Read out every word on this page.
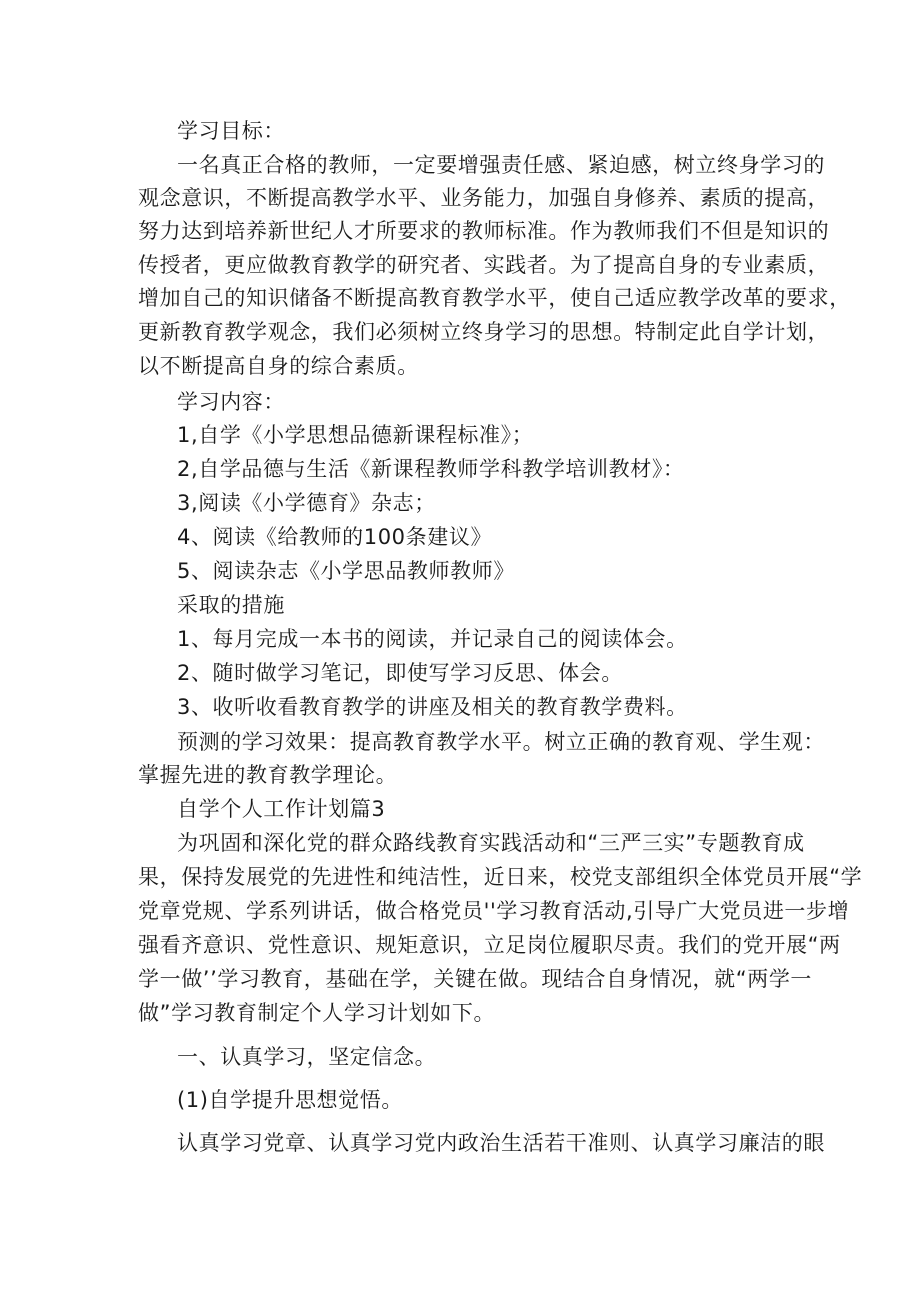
学习目标：

一名真正合格的教师，一定要增强责任感、紧迫感，树立终身学习的

观念意识，不断提高教学水平、业务能力，加强自身修养、素质的提高，

努力达到培养新世纪人才所要求的教师标准。作为教师我们不但是知识的

传授者，更应做教育教学的研究者、实践者。为了提高自身的专业素质，

增加自己的知识储备不断提高教育教学水平，使自己适应教学改革的要求，

更新教育教学观念，我们必须树立终身学习的思想。特制定此自学计划，

以不断提高自身的综合素质。

学习内容：

1,自学《小学思想品德新课程标准》；

2,自学品德与生活《新课程教师学科教学培训教材》：

3,阅读《小学德育》杂志；

4、阅读《给教师的100条建议》

5、阅读杂志《小学思品教师教师》

采取的措施

1、每月完成一本书的阅读，并记录自己的阅读体会。

2、随时做学习笔记，即使写学习反思、体会。

3、收听收看教育教学的讲座及相关的教育教学费料。

预测的学习效果：提高教育教学水平。树立正确的教育观、学生观：

掌握先进的教育教学理论。

自学个人工作计划篇3

为巩固和深化党的群众路线教育实践活动和“三严三实”专题教育成

果，保持发展党的先进性和纯洁性，近日来，校党支部组织全体党员开展“学

党章党规、学系列讲话，做合格党员''学习教育活动,引导广大党员进一步增

强看齐意识、党性意识、规矩意识，立足岗位履职尽责。我们的党开展“两

学一做’’学习教育，基础在学，关键在做。现结合自身情况，就“两学一

做”学习教育制定个人学习计划如下。

一、认真学习，坚定信念。

(1)自学提升思想觉悟。

认真学习党章、认真学习党内政治生活若干准则、认真学习廉洁的眼
